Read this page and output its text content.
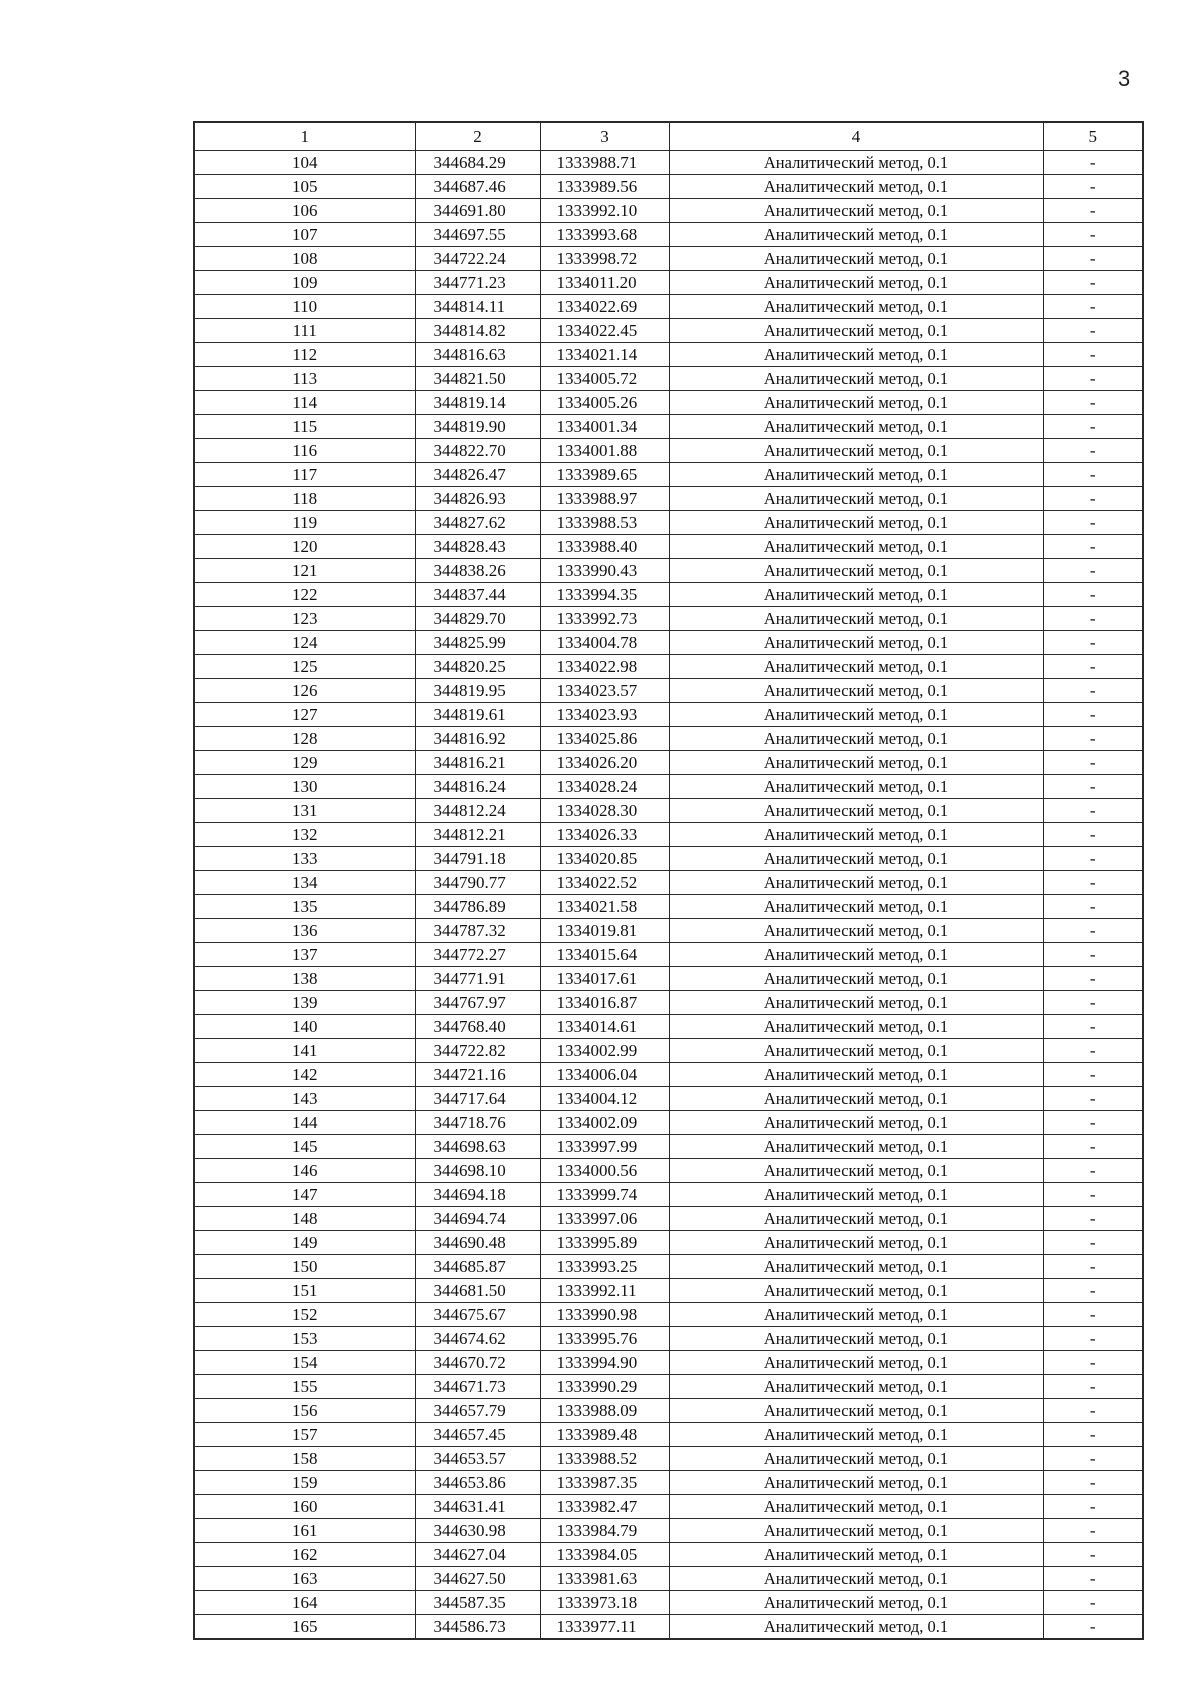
3
1	2	3	4	5
104	344684.29	1333988.71	Аналитический метод, 0.1	-
105	344687.46	1333989.56	Аналитический метод, 0.1	-
106	344691.80	1333992.10	Аналитический метод, 0.1	-
107	344697.55	1333993.68	Аналитический метод, 0.1	-
108	344722.24	1333998.72	Аналитический метод, 0.1	-
109	344771.23	1334011.20	Аналитический метод, 0.1	-
110	344814.11	1334022.69	Аналитический метод, 0.1	-
111	344814.82	1334022.45	Аналитический метод, 0.1	-
112	344816.63	1334021.14	Аналитический метод, 0.1	-
113	344821.50	1334005.72	Аналитический метод, 0.1	-
114	344819.14	1334005.26	Аналитический метод, 0.1	-
115	344819.90	1334001.34	Аналитический метод, 0.1	-
116	344822.70	1334001.88	Аналитический метод, 0.1	-
117	344826.47	1333989.65	Аналитический метод, 0.1	-
118	344826.93	1333988.97	Аналитический метод, 0.1	-
119	344827.62	1333988.53	Аналитический метод, 0.1	-
120	344828.43	1333988.40	Аналитический метод, 0.1	-
121	344838.26	1333990.43	Аналитический метод, 0.1	-
122	344837.44	1333994.35	Аналитический метод, 0.1	-
123	344829.70	1333992.73	Аналитический метод, 0.1	-
124	344825.99	1334004.78	Аналитический метод, 0.1	-
125	344820.25	1334022.98	Аналитический метод, 0.1	-
126	344819.95	1334023.57	Аналитический метод, 0.1	-
127	344819.61	1334023.93	Аналитический метод, 0.1	-
128	344816.92	1334025.86	Аналитический метод, 0.1	-
129	344816.21	1334026.20	Аналитический метод, 0.1	-
130	344816.24	1334028.24	Аналитический метод, 0.1	-
131	344812.24	1334028.30	Аналитический метод, 0.1	-
132	344812.21	1334026.33	Аналитический метод, 0.1	-
133	344791.18	1334020.85	Аналитический метод, 0.1	-
134	344790.77	1334022.52	Аналитический метод, 0.1	-
135	344786.89	1334021.58	Аналитический метод, 0.1	-
136	344787.32	1334019.81	Аналитический метод, 0.1	-
137	344772.27	1334015.64	Аналитический метод, 0.1	-
138	344771.91	1334017.61	Аналитический метод, 0.1	-
139	344767.97	1334016.87	Аналитический метод, 0.1	-
140	344768.40	1334014.61	Аналитический метод, 0.1	-
141	344722.82	1334002.99	Аналитический метод, 0.1	-
142	344721.16	1334006.04	Аналитический метод, 0.1	-
143	344717.64	1334004.12	Аналитический метод, 0.1	-
144	344718.76	1334002.09	Аналитический метод, 0.1	-
145	344698.63	1333997.99	Аналитический метод, 0.1	-
146	344698.10	1334000.56	Аналитический метод, 0.1	-
147	344694.18	1333999.74	Аналитический метод, 0.1	-
148	344694.74	1333997.06	Аналитический метод, 0.1	-
149	344690.48	1333995.89	Аналитический метод, 0.1	-
150	344685.87	1333993.25	Аналитический метод, 0.1	-
151	344681.50	1333992.11	Аналитический метод, 0.1	-
152	344675.67	1333990.98	Аналитический метод, 0.1	-
153	344674.62	1333995.76	Аналитический метод, 0.1	-
154	344670.72	1333994.90	Аналитический метод, 0.1	-
155	344671.73	1333990.29	Аналитический метод, 0.1	-
156	344657.79	1333988.09	Аналитический метод, 0.1	-
157	344657.45	1333989.48	Аналитический метод, 0.1	-
158	344653.57	1333988.52	Аналитический метод, 0.1	-
159	344653.86	1333987.35	Аналитический метод, 0.1	-
160	344631.41	1333982.47	Аналитический метод, 0.1	-
161	344630.98	1333984.79	Аналитический метод, 0.1	-
162	344627.04	1333984.05	Аналитический метод, 0.1	-
163	344627.50	1333981.63	Аналитический метод, 0.1	-
164	344587.35	1333973.18	Аналитический метод, 0.1	-
165	344586.73	1333977.11	Аналитический метод, 0.1	-
